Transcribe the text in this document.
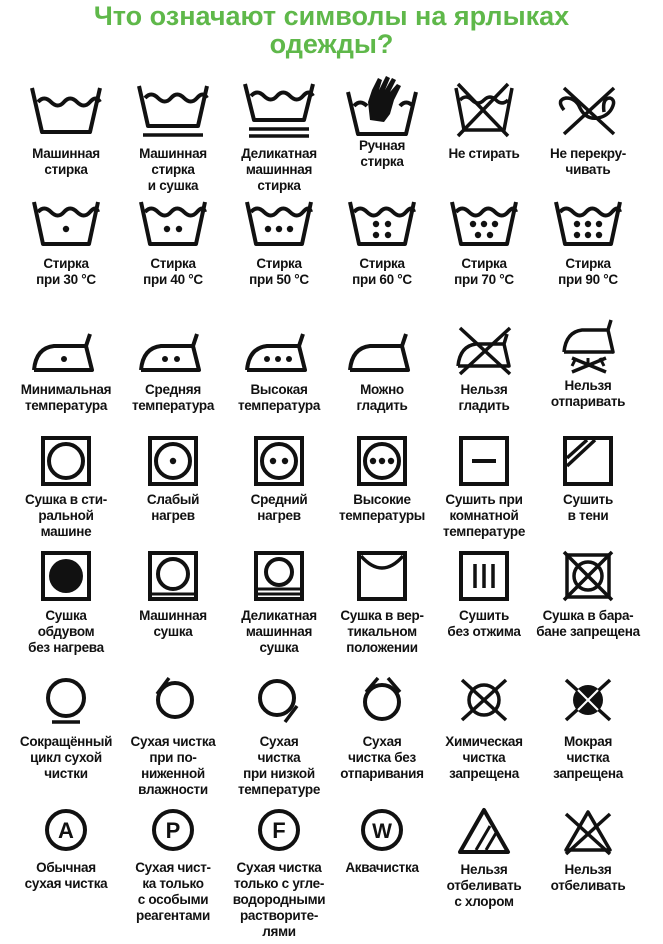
Что означают символы на ярлыках
одежды?
Машинная
стирка
Машинная
стирка
и сушка
Деликатная
машинная
стирка
Ручная
стирка
Не стирать	Не перекру-
чивать
Стирка
при 30 °C
Стирка
при 40 °C
Стирка
при 50 °C
Стирка
при 60 °C
Стирка
при 70 °C
Стирка
при 90 °C
Минимальная
температура
Средняя
температура
Высокая
температура
Можно
гладить
Нельзя
гладить
Нельзя
отпаривать
Сушка в сти-
ральной машине
Слабый
нагрев
Средний
нагрев
Высокие
температуры
Сушить при
комнатной
температуре
Сушить
в тени
Сушка
обдувом
без нагрева
Машинная
сушка
Деликатная
машинная
сушка
Сушка в вер-
тикальном
положении
Сушить
без отжима
Сушка в бара-
бане запрещена
Сокращённый
цикл сухой
чистки
Сухая чистка
при по-
ниженной
влажности
Сухая
чистка
при низкой
температуре
Сухая
чистка без
отпаривания
Химическая
чистка
запрещена
Мокрая
чистка
запрещена
A
Обычная
сухая чистка
P
Сухая чист-
ка только
с особыми
реагентами
F
Сухая чистка
только с угле-
водородными
растворите-
лями
W
Аквачистка	Нельзя
отбеливать
с хлором
Нельзя
отбеливать
